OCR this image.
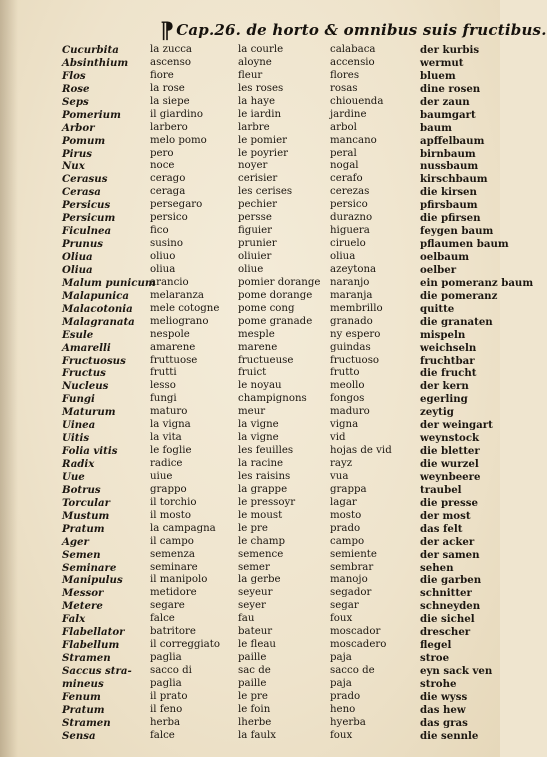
¶ Cap.26. de horto & omnibus suis fructibus.
Cucurbita
Absinthium
Flos
Rose
Seps
Pomerium
Arbor
Pomum
Pirus
Nux
Cerasus
Cerasa
Persicus
Persicum
Ficulnea
Prunus
Oliua
Oliua
Malum punicum
Malapunica
Malacotonia
Malagranata
Esule
Amarelli
Fructuosus
Fructus
Nucleus
Fungi
Maturum
Uinea
Uitis
Folia vitis
Radix
Uue
Botrus
Torcular
Mustum
Pratum
Ager
Semen
Seminare
Manipulus
Messor
Metere
Falx
Flabellator
Flabellum
Stramen
Saccus stra-
mineus
Fenum
Pratum
Stramen
Sensa
la zucca
ascenso
fiore
la rose
la siepe
il giardino
larbero
melo pomo
pero
noce
cerago
ceraga
persegaro
persico
fico
susino
oliuo
oliua
arancio
melaranza
mele cotogne
meliograno
nespole
amarene
fruttuose
frutti
lesso
fungi
maturo
la vigna
la vita
le foglie
radice
uiue
grappo
il torchio
il mosto
la campagna
il campo
semenza
seminare
il manipolo
metidore
segare
falce
batritore
il correggiato
paglia
sacco di
paglia
il prato
il feno
herba
falce
la courle
aloyne
fleur
les roses
la haye
le iardin
larbre
le pomier
le poyrier
noyer
cerisier
les cerises
pechier
persse
figuier
prunier
oliuier
oliue
pomier dorange
pome dorange
pome cong
pome granade
mesple
marene
fructueuse
fruict
le noyau
champignons
meur
la vigne
la vigne
les feuilles
la racine
les raisins
la grappe
le pressoyr
le moust
le pre
le champ
semence
semer
la gerbe
seyeur
seyer
fau
bateur
le fleau
paille
sac de
paille
le pre
le foin
lherbe
la faulx
calabaca
accensio
flores
rosas
chiouenda
jardine
arbol
mancano
peral
nogal
cerafo
cerezas
persico
durazno
higuera
ciruelo
oliua
azeytona
naranjo
maranja
membrillo
granado
ny espero
guindas
fructuoso
frutto
meollo
fongos
maduro
vigna
vid
hojas de vid
rayz
vua
grappa
lagar
mosto
prado
campo
semiente
sembrar
manojo
segador
segar
foux
moscador
moscadero
paja
sacco de
paja
prado
heno
hyerba
foux
der kurbis
wermut
bluem
dine rosen
der zaun
baumgart
baum
apffelbaum
birnbaum
nussbaum
kirschbaum
die kirsen
pfirsbaum
die pfirsen
feygen baum
pflaumen baum
oelbaum
oelber
ein pomeranz baum
die pomeranz
quitte
die granaten
mispeln
weichseln
fruchtbar
die frucht
der kern
egerling
zeytig
der weingart
weynstock
die bletter
die wurzel
weynbeere
traubel
die presse
der most
das felt
der acker
der samen
sehen
die garben
schnitter
schneyden
die sichel
drescher
flegel
stroe
eyn sack ven
strohe
die wyss
das hew
das gras
die sennle
